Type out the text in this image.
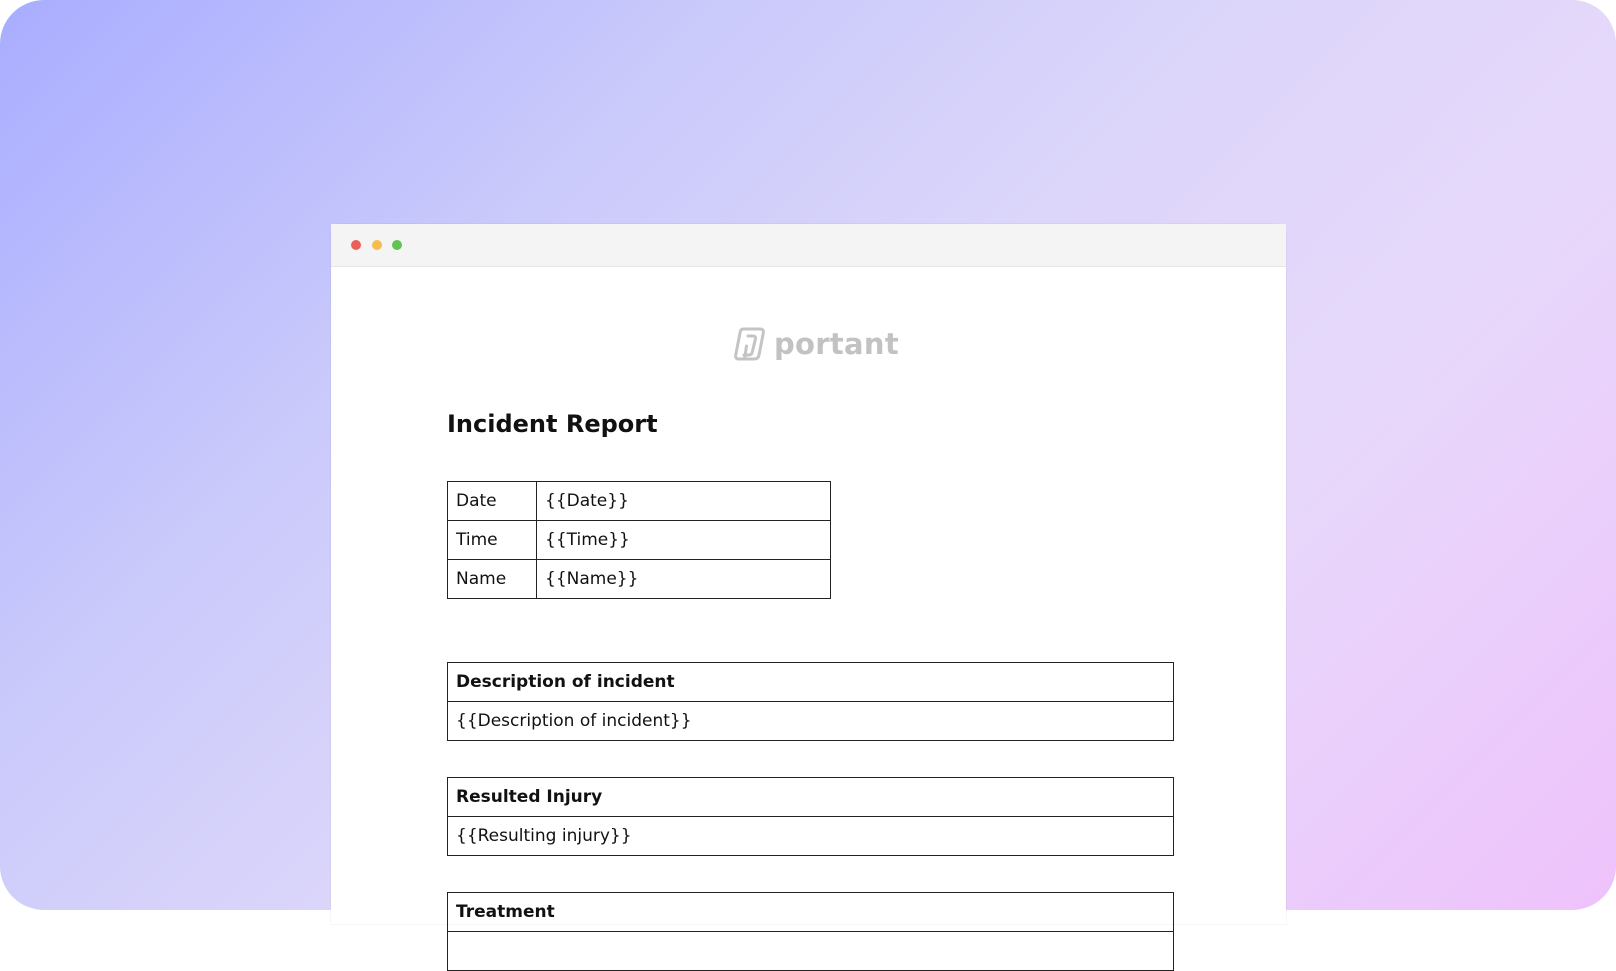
portant
Incident Report
Date	{{Date}}
Time	{{Time}}
Name	{{Name}}
Description of incident
{{Description of incident}}
Resulted Injury
{{Resulting injury}}
Treatment
